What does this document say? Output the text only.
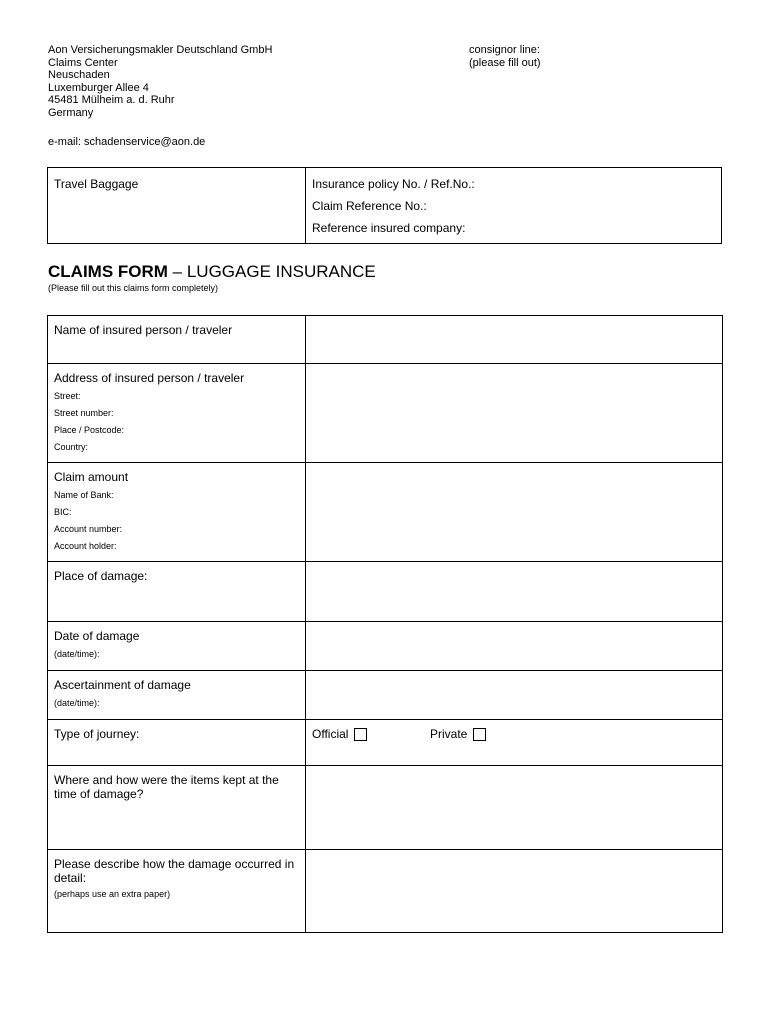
Aon Versicherungsmakler Deutschland GmbH
Claims Center
Neuschaden
Luxemburger Allee 4
45481 Mülheim a. d. Ruhr
Germany
consignor line:
(please fill out)
e-mail: schadenservice@aon.de
Travel Baggage	Insurance policy No. / Ref.No.:
Claim Reference No.:
Reference insured company:
CLAIMS FORM – LUGGAGE INSURANCE
(Please fill out this claims form completely)
Name of insured person / traveler	

Address of insured person / traveler
Street:
Street number:
Place / Postcode:
Country:	

Claim amount
Name of Bank:
BIC:
Account number:
Account holder:	

Place of damage:	

Date of damage
(date/time):	

Ascertainment of damage
(date/time):	

Type of journey:	Official Private

Where and how were the items kept at the time of damage?	

Please describe how the damage occurred in detail:
(perhaps use an extra paper)	
